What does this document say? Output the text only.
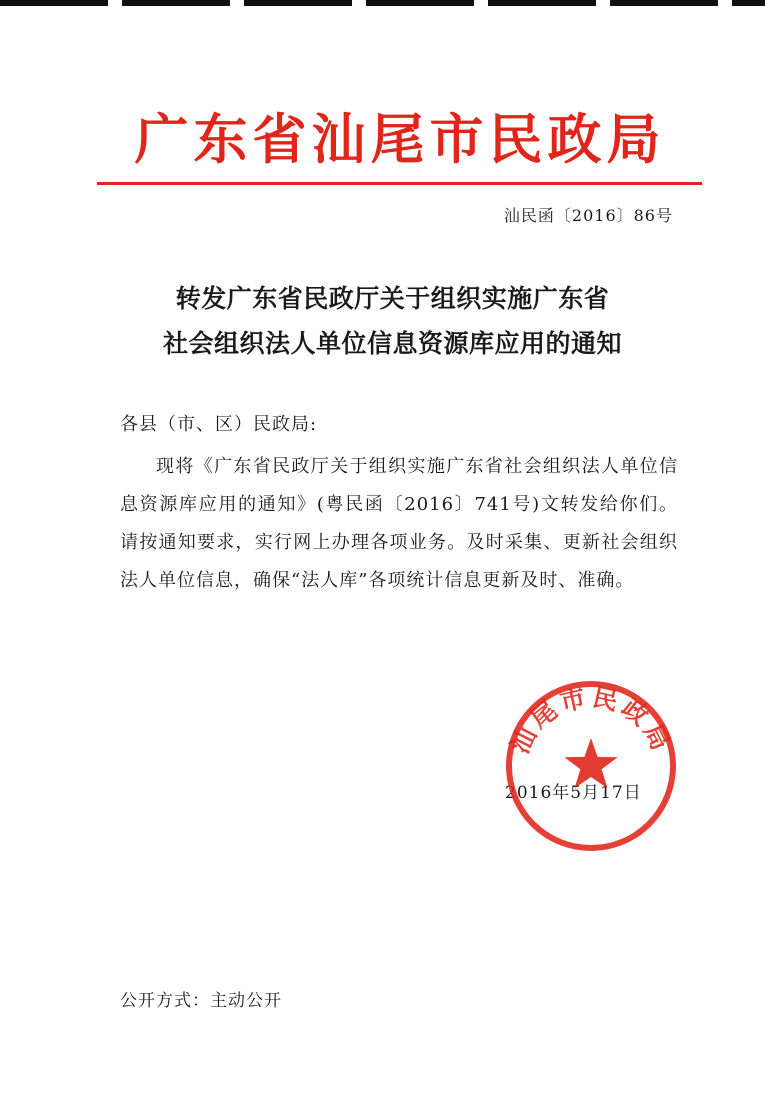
广东省汕尾市民政局
汕民函〔2016〕86号
转发广东省民政厅关于组织实施广东省
社会组织法人单位信息资源库应用的通知
各县（市、区）民政局:
现将《广东省民政厅关于组织实施广东省社会组织法人单位信息资源库应用的通知》(粤民函〔2016〕741号)文转发给你们。请按通知要求，实行网上办理各项业务。及时采集、更新社会组织法人单位信息，确保“法人库”各项统计信息更新及时、准确。
2016年5月17日
汕尾市民政局
公开方式：主动公开
